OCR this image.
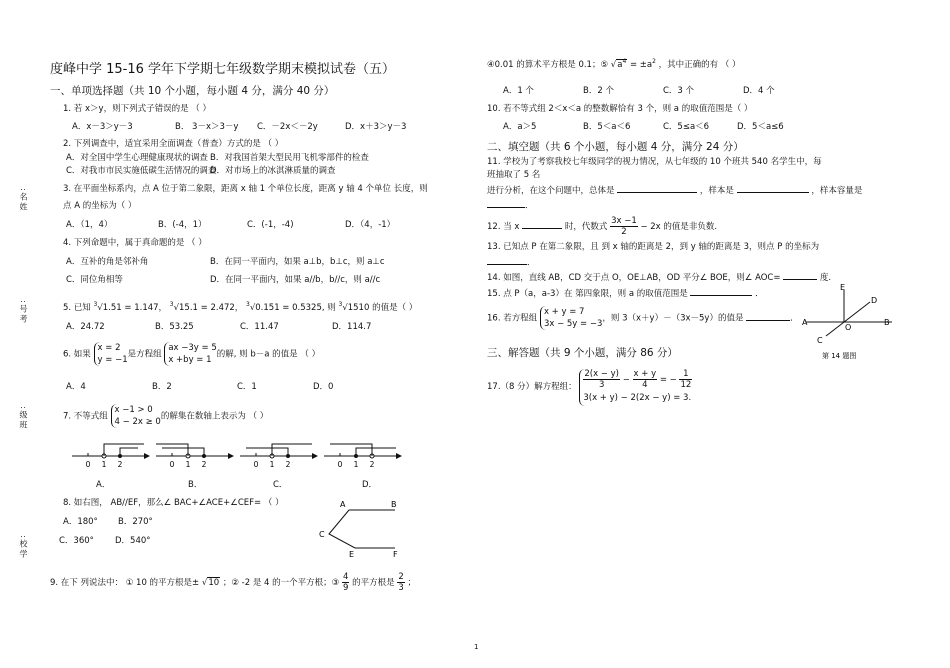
度峰中学 15-16 学年下学期七年级数学期末模拟试卷（五）
:名姓
:号考
:级班
:校学
一、单项选择题（共 10 个小题，每小题 4 分，满分 40 分）
1. 若 x＞y，则下列式子错误的是 （ ）
A．x－3＞y－3	B． 3－x＞3－y C．－2x＜－2y	D．x＋3＞y－3
2. 下列调查中，适宜采用全面调查（普查）方式的是 （ ）
A．对全国中学生心理健康现状的调查 B．对我国首架大型民用飞机零部件的检查
C．对我市市民实施低碳生活情况的调查
D．对市场上的冰淇淋质量的调查
3. 在平面坐标系内，点 A 位于第二象限，距离 x 轴 1 个单位长度，距离 y 轴 4 个单位 长度，则
点 A 的坐标为（ ）
A．（1，4）	B．(-4，1）	C．(-1，-4)	D．（4，-1）
4. 下列命题中，属于真命题的是 （ ）
A．互补的角是邻补角	B．在同一平面内，如果 a⊥b，b⊥c，则 a⊥c
C．同位角相等	D．在同一平面内，如果 a//b，b//c，则 a//c
5. 已知 $^3$√1.51 = 1.147， $^3$√15.1 = 2.472， $^3$√0.151 = 0.5325, 则 $^3$√1510 的值是（ ）
A．24.72	B．53.25	C．11.47	D．114.7
6. 如果 x = 2
y = −1是方程组 ax −3y = 5
x +by = 1的解, 则 b－a 的值是 （ ）
A．4	B．2	C．1	D．0
7. 不等式组 x −1 > 0
4 − 2x ≥ 0的解集在数轴上表示为 （ ）
0 1 2	0 1 2	0 1 2	0 1 2
A．	B．	C．	D．
8. 如右图， AB//EF，那么∠ BAC+∠ACE+∠CEF= （ ）
A．180° B．270°
C．360° D．540°
A	B
C
E	F
9. 在下 列说法中： ① 10 的平方根是± √10 ；② -2 是 4 的一个平方根；③ $\frac{4}{9}$ 的平方根是 $\frac{2}{3}$ ；
④0.01 的算术平方根是 0.1；⑤ $√a^4 = \pm a^2$ ，其中正确的有 （ ）
A．1 个	B．2 个	C．3 个	D．4 个
10. 若不等式组 2＜x＜a 的整数解恰有 3 个，则 a 的取值范围是（ ）
A．a＞5	B．5＜a＜6	C．5≤a＜6	D．5＜a≤6
二、填空题（共 6 个小题，每小题 4 分，满分 24 分）
11. 学校为了考察我校七年级同学的视力情况，从七年级的 10 个班共 540 名学生中，每
班抽取了 5 名
进行分析，在这个问题中，总体是	，样本是	，样本容量是
．
12. 当 x	时，代数式 $\frac{3x -1}{2} - 2x$ 的值是非负数.
13. 已知点 P 在第二象限，且 到 x 轴的距离是 2，到 y 轴的距离是 3，则点 P 的坐标为
．
14. 如图，直线 AB，CD 交于点 O，OE⊥AB，OD 平分∠ BOE，则∠ AOC=	度.
15. 点 P（a，a-3）在 第四象限，则 a 的取值范围是	．
16. 若方程组 x + y = 7
3x − 5y = −3，则 3（x＋y）－（3x－5y）的值是	．
E
D
A
O
B
C
第 14 题图
三、解答题（共 9 个小题，满分 86 分）
17.（8 分）解方程组： $\frac{2(x - y)}{3} - \frac{x + y}{4}$ = − $\frac{1}{12}$

3(x + y) − 2(2x − y) = 3.
1
